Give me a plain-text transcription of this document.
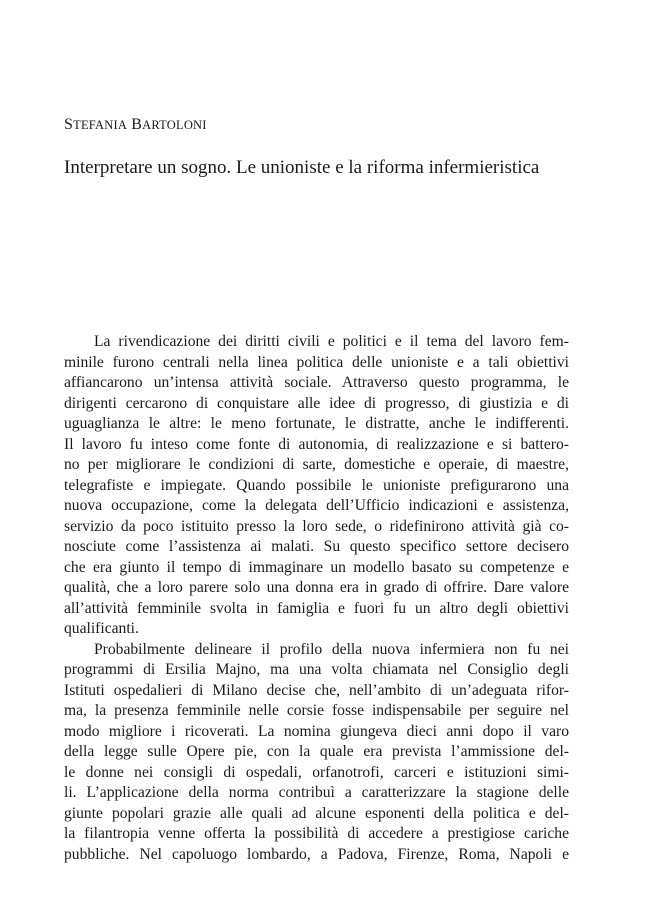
STEFANIA BARTOLONI
Interpretare un sogno. Le unioniste e la riforma infermieristica

La rivendicazione dei diritti civili e politici e il tema del lavoro fem-
minile furono centrali nella linea politica delle unioniste e a tali obiettivi
affiancarono un’intensa attività sociale. Attraverso questo programma, le
dirigenti cercarono di conquistare alle idee di progresso, di giustizia e di
uguaglianza le altre: le meno fortunate, le distratte, anche le indifferenti.
Il lavoro fu inteso come fonte di autonomia, di realizzazione e si battero-
no per migliorare le condizioni di sarte, domestiche e operaie, di maestre,
telegrafiste e impiegate. Quando possibile le unioniste prefigurarono una
nuova occupazione, come la delegata dell’Ufficio indicazioni e assistenza,
servizio da poco istituito presso la loro sede, o ridefinirono attività già co-
nosciute come l’assistenza ai malati. Su questo specifico settore decisero
che era giunto il tempo di immaginare un modello basato su competenze e
qualità, che a loro parere solo una donna era in grado di offrire. Dare valore
all’attività femminile svolta in famiglia e fuori fu un altro degli obiettivi
qualificanti.

Probabilmente delineare il profilo della nuova infermiera non fu nei
programmi di Ersilia Majno, ma una volta chiamata nel Consiglio degli
Istituti ospedalieri di Milano decise che, nell’ambito di un’adeguata rifor-
ma, la presenza femminile nelle corsie fosse indispensabile per seguire nel
modo migliore i ricoverati. La nomina giungeva dieci anni dopo il varo
della legge sulle Opere pie, con la quale era prevista l’ammissione del-
le donne nei consigli di ospedali, orfanotrofi, carceri e istituzioni simi-
li. L’applicazione della norma contribuì a caratterizzare la stagione delle
giunte popolari grazie alle quali ad alcune esponenti della politica e del-
la filantropia venne offerta la possibilità di accedere a prestigiose cariche
pubbliche. Nel capoluogo lombardo, a Padova, Firenze, Roma, Napoli e
